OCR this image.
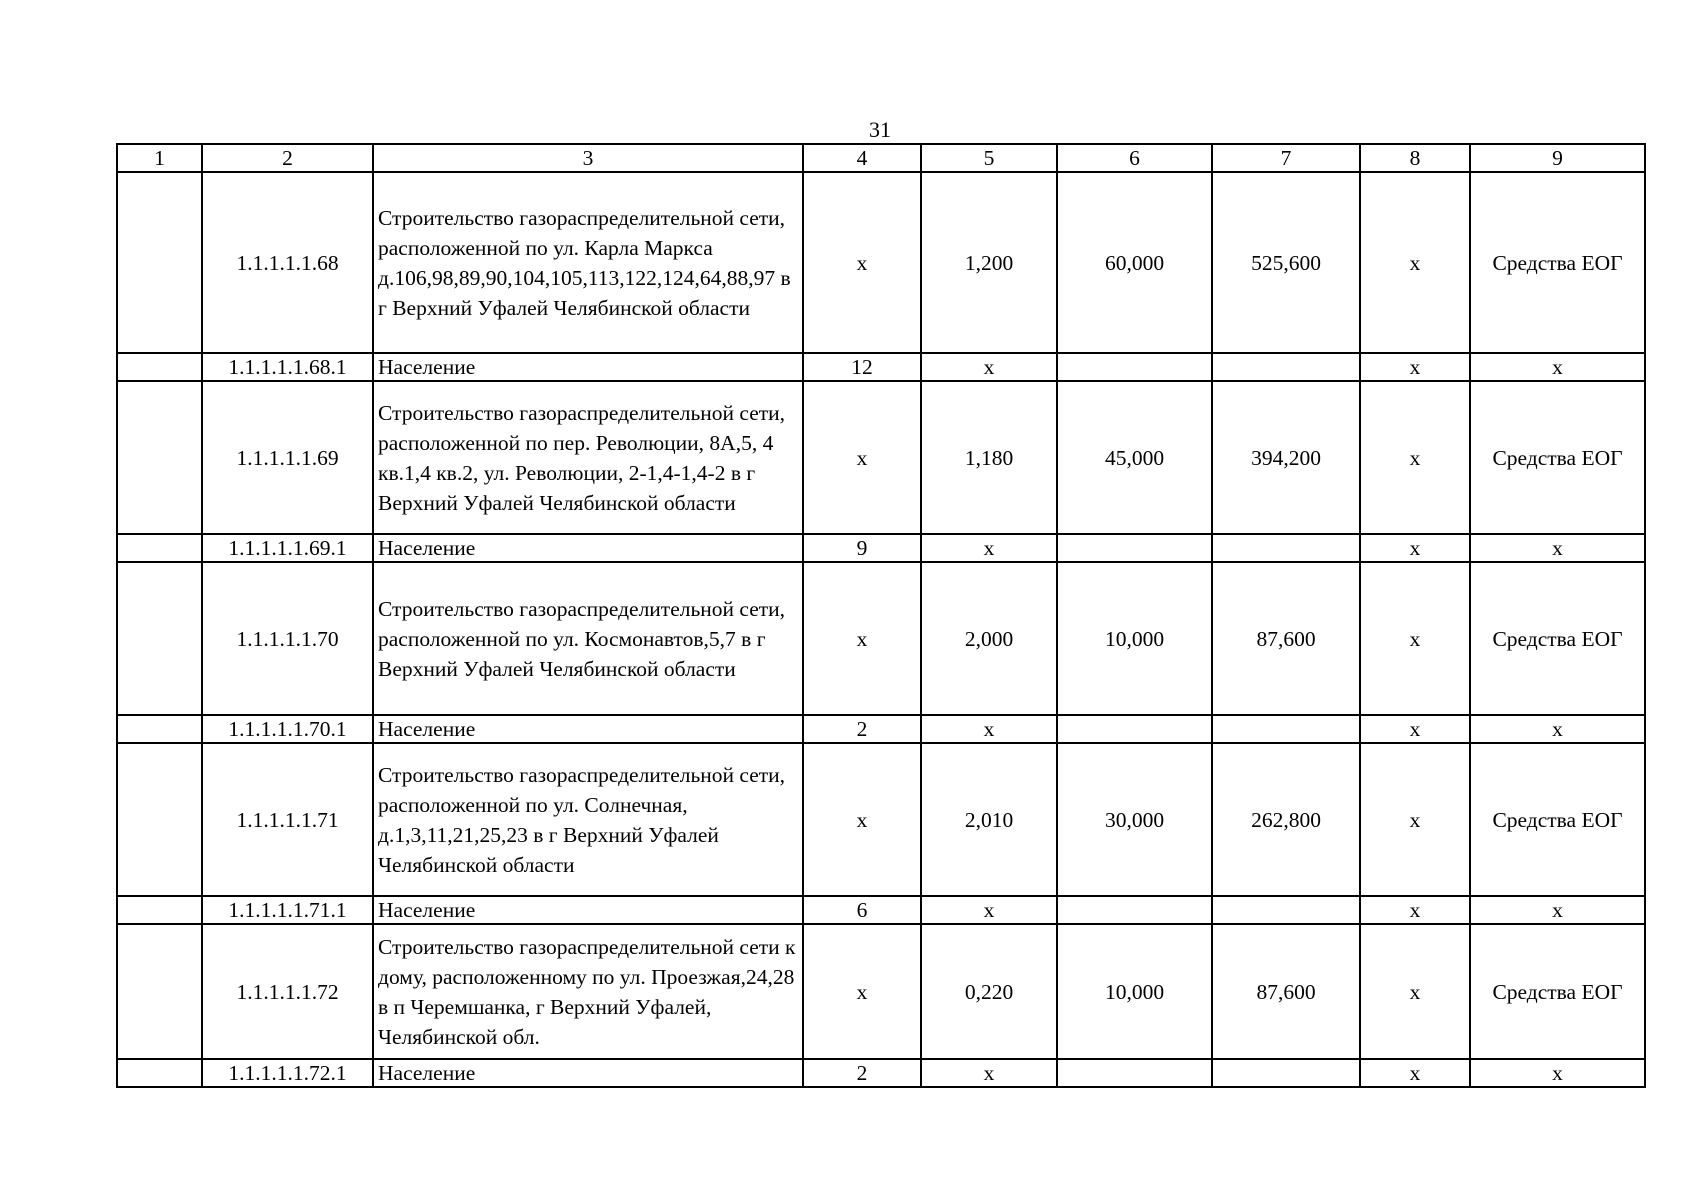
31
1	2	3	4	5	6	7	8	9
	1.1.1.1.1.68	Строительство газораспределительной сети, расположенной по ул. Карла Маркса д.106,98,89,90,104,105,113,122,124,64,88,97 в г Верхний Уфалей Челябинской области	x	1,200	60,000	525,600	x	Средства ЕОГ
	1.1.1.1.1.68.1	Население	12	x			x	x
	1.1.1.1.1.69	Строительство газораспределительной сети, расположенной по пер. Революции, 8А,5, 4 кв.1,4 кв.2, ул. Революции, 2-1,4-1,4-2 в г Верхний Уфалей Челябинской области	x	1,180	45,000	394,200	x	Средства ЕОГ
	1.1.1.1.1.69.1	Население	9	x			x	x
	1.1.1.1.1.70	Строительство газораспределительной сети, расположенной по ул. Космонавтов,5,7 в г Верхний Уфалей Челябинской области	x	2,000	10,000	87,600	x	Средства ЕОГ
	1.1.1.1.1.70.1	Население	2	x			x	x
	1.1.1.1.1.71	Строительство газораспределительной сети, расположенной по ул. Солнечная, д.1,3,11,21,25,23 в г Верхний Уфалей Челябинской области	x	2,010	30,000	262,800	x	Средства ЕОГ
	1.1.1.1.1.71.1	Население	6	x			x	x
	1.1.1.1.1.72	Строительство газораспределительной сети к дому, расположенному по ул. Проезжая,24,28 в п Черемшанка, г Верхний Уфалей, Челябинской обл.	x	0,220	10,000	87,600	x	Средства ЕОГ
	1.1.1.1.1.72.1	Население	2	x			x	x
